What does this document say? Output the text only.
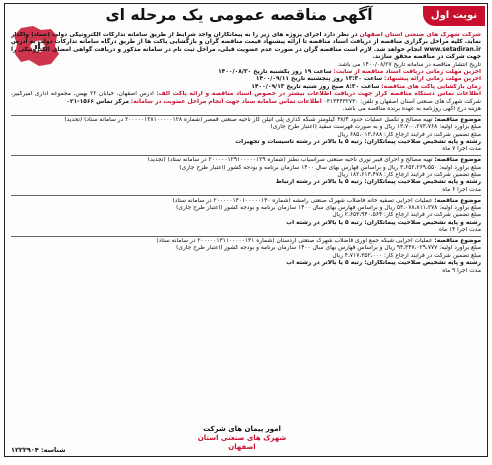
نوبت اول
آگهی مناقصه عمومی یک مرحله ای

شرکت شهرک های صنعتی استان اصفهان در نظر دارد اجرای پروژه های زیر را به پیمانکاران واجد شرایط از طریق سامانه تدارکات الکترونیکی دولت (ستاد) واگذار نماید. کلیه مراحل برگزاری مناقصه از دریافت اسناد مناقصه تا ارائه پیشنهاد قیمت مناقصه گران و بازگشایی پاکت ها از طریق درگاه سامانه تدارکات دولت به آدرس www.setadiran.ir انجام خواهد شد. لازم است مناقصه گران در صورت عدم عضویت قبلی، مراحل ثبت نام در سامانه مذکور و دریافت گواهی امضای الکترونیکی را جهت شرکت در مناقصه محقق سازند.

تاریخ انتشار مناقصه در سامانه تاریخ ۱۴۰۰/۰۸/۲۷ می باشد.

آخرین مهلت زمانی دریافت اسناد مناقصه از سایت: ساعت ۱۹ روز یکشنبه تاریخ ۱۴۰۰/۰۸/۳۰

آخرین مهلت زمانی ارائه پیشنهاد: ساعت ۱۳:۳۰ روز پنجشنبه تاریخ ۱۴۰۰/۰۹/۱۱

زمان بازگشایی پاکت های مناقصه: ساعت ۸:۳۰ صبح روز شنبه تاریخ ۱۴۰۰/۰۹/۱۳

اطلاعات تماس دستگاه مناقصه گزار جهت دریافت اطلاعات بیشتر در خصوص اسناد مناقصه و ارائه پاکت الف: آدرس اصفهان، خیابان ۲۲ بهمن، مجموعه اداری امیرکبیر، شرکت شهرک های صنعتی استان اصفهان و تلفن: ۰۳۱۳۴۴۳۲۷۳۰ اطلاعات تماس سامانه ستاد جهت انجام مراحل عضویت در سامانه: مرکز تماس ۱۵۶۶-۰۲۱

هزینه درج آگهی روزنامه به عهده برنده مناقصه می باشد.

موضوع مناقصه: تهیه مصالح و تکمیل عملیات حدود ۳۸/۴ کیلومتر شبکه گذاری پلی اتیلن گاز ناحیه صنعتی قمصر (شماره ۲۰۰۰۰۰۱۲۸۱۰۰۰۰۰۱۲۸ در سامانه ستاد) (تجدید)

مبلغ برآورد اولیه: ۱۳،۷۰۰،۲۷۳،۷۶۸ ریال و به صورت فهرست سفید (اعتبار طرح جاری)

مبلغ تضمین شرکت در فرآیند ارجاع کار: ۶۸۵،۰۱۳،۶۸۸ ریال

رشته و پایه تشخیص صلاحیت پیمانکاران: رتبه ۵ یا بالاتر در رشته تاسیسات و تجهیزات

مدت اجرا ۷ ماه

موضوع مناقصه: تهیه مصالح و اجرای فیبر نوری ناحیه صنعتی سرآسیاب نطنز (شماره ۲۰۰۰۰۰۱۲۹۱۰۰۰۰۰۱۲۹ در سامانه ستاد) (تجدید)

مبلغ برآورد اولیه: ۳،۶۵۲،۲۶۹،۵۵۰ ریال و براساس فهارس بهای سال ۱۴۰۰ سازمان برنامه و بودجه کشور (اعتبار طرح جاری)

مبلغ تضمین شرکت در فرآیند ارجاع کار: ۱۸۲،۶۱۳،۴۷۸ ریال

رشته و پایه تشخیص صلاحیت پیمانکاران: رتبه ۵ یا بالاتر در رشته ارتباط

مدت اجرا ۶ ماه

موضوع مناقصه: عملیات اجرایی تصفیه خانه فاضلاب شهرک صنعتی رامشه (شماره ۲۰۰۰۰۰۱۳۰۱۰۰۰۰۰۱۳۰ در سامانه ستاد)

مبلغ برآورد اولیه: ۵۳،۰۷۸،۸۱۱،۲۷۸ ریال و براساس فهارس بهای سال ۱۴۰۰ سازمان برنامه و بودجه کشور (اعتبار طرح جاری)

مبلغ تضمین شرکت در فرآیند ارجاع کار: ۲،۶۵۳،۹۴۰،۵۶۴ ریال

رشته و پایه تشخیص صلاحیت پیمانکاران: رتبه ۵ یا بالاتر در رشته آب

مدت اجرا ۱۴ ماه

موضوع مناقصه: عملیات اجرایی شبکه جمع آوری فاضلاب شهرک صنعتی اردستان (شماره ۲۰۰۰۰۰۱۳۱۱۰۰۰۰۰۱۳۱ در سامانه ستاد)

مبلغ برآورد اولیه: ۹۴،۳۴۷،۰۲۹،۷۷۷ ریال و براساس فهارس بهای سال ۱۴۰۰ سازمان برنامه و بودجه کشور (اعتبار طرح جاری)

مبلغ تضمین شرکت در فرآیند ارجاع کار: ۴،۷۱۷،۳۵۲،۰۰۰ ریال

رشته و پایه تشخیص صلاحیت پیمانکاران: رتبه ۵ یا بالاتر در رشته آب

مدت اجرا ۹ ماه

امور پیمان های شرکت
شهرک های صنعتی استان اصفهان
شناسه: ۱۲۲۲۹۰۴
